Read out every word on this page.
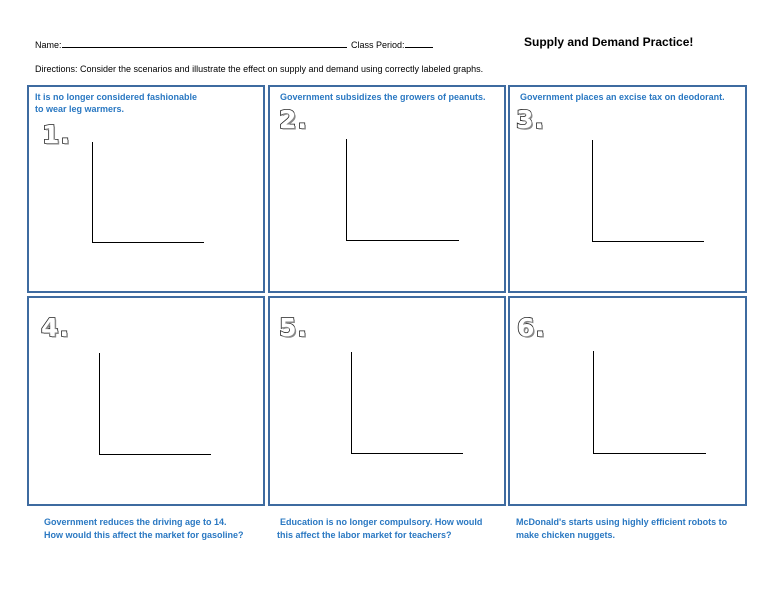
Name:	Class Period:	Supply and Demand Practice!
Directions: Consider the scenarios and illustrate the effect on supply and demand using correctly labeled graphs.
It is no longer considered fashionable
to wear leg warmers.
1.
Government subsidizes the growers of peanuts.
2.
Government places an excise tax on deodorant.
3.
4.	5.	6.
Government reduces the driving age to 14.
How would this affect the market for gasoline?
Education is no longer compulsory. How would
this affect the labor market for teachers?
McDonald's starts using highly efficient robots to
make chicken nuggets.
